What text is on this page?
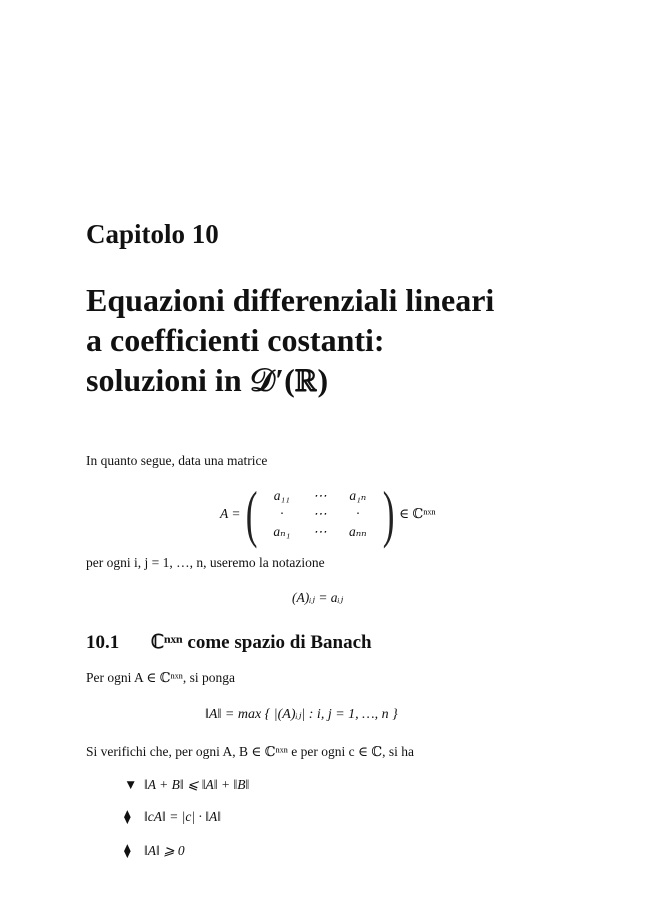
Capitolo 10
Equazioni differenziali lineari
a coefficienti costanti:
soluzioni in 𝒟′(ℝ)
In quanto segue, data una matrice
A = (	a₁₁	⋯	a₁ₙ
·	⋯	·
aₙ₁	⋯	aₙₙ ) ∈ ℂⁿˣⁿ
per ogni i, j = 1, …, n, useremo la notazione
(A)ᵢⱼ = aᵢⱼ
10.1 ℂⁿˣⁿ come spazio di Banach
Per ogni A ∈ ℂⁿˣⁿ, si ponga
‖A‖ = max { |(A)ᵢⱼ| : i, j = 1, …, n }
Si verifichi che, per ogni A, B ∈ ℂⁿˣⁿ e per ogni c ∈ ℂ, si ha
▼ ‖A + B‖ ⩽ ‖A‖ + ‖B‖
⧫ ‖cA‖ = |c| · ‖A‖
⧫ ‖A‖ ⩾ 0
